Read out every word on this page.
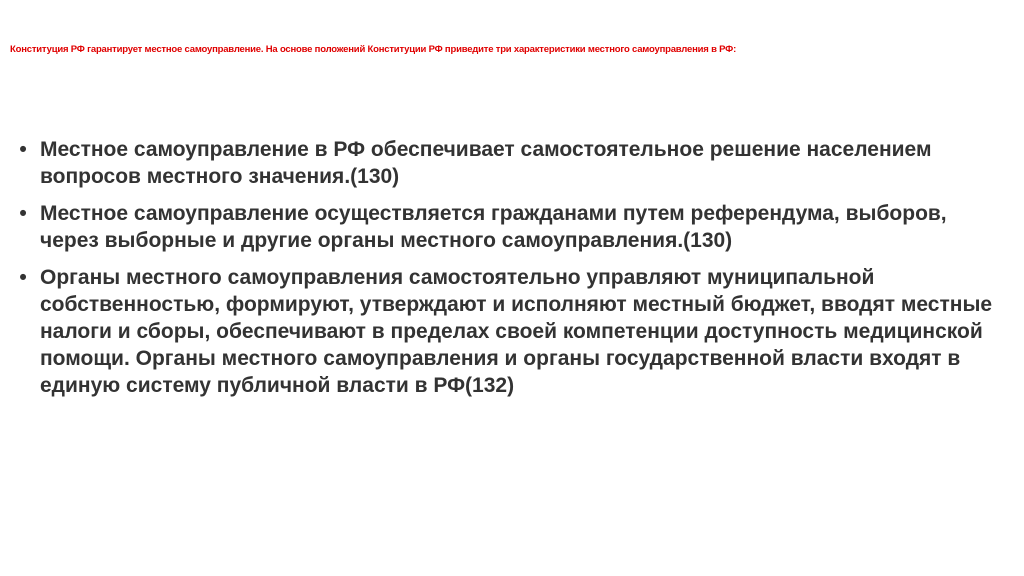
Конституция РФ гарантирует местное самоуправление. На основе положений Конституции РФ приведите три характеристики местного самоуправления в РФ:
• Местное самоуправление в РФ обеспечивает самостоятельное решение населением вопросов местного значения.(130)
• Местное самоуправление осуществляется гражданами путем референдума, выборов, через выборные и другие органы местного самоуправления.(130)
• Органы местного самоуправления самостоятельно управляют муниципальной собственностью, формируют, утверждают и исполняют местный бюджет, вводят местные налоги и сборы, обеспечивают в пределах своей компетенции доступность медицинской помощи. Органы местного самоуправления и органы государственной власти входят в единую систему публичной власти в РФ(132)
